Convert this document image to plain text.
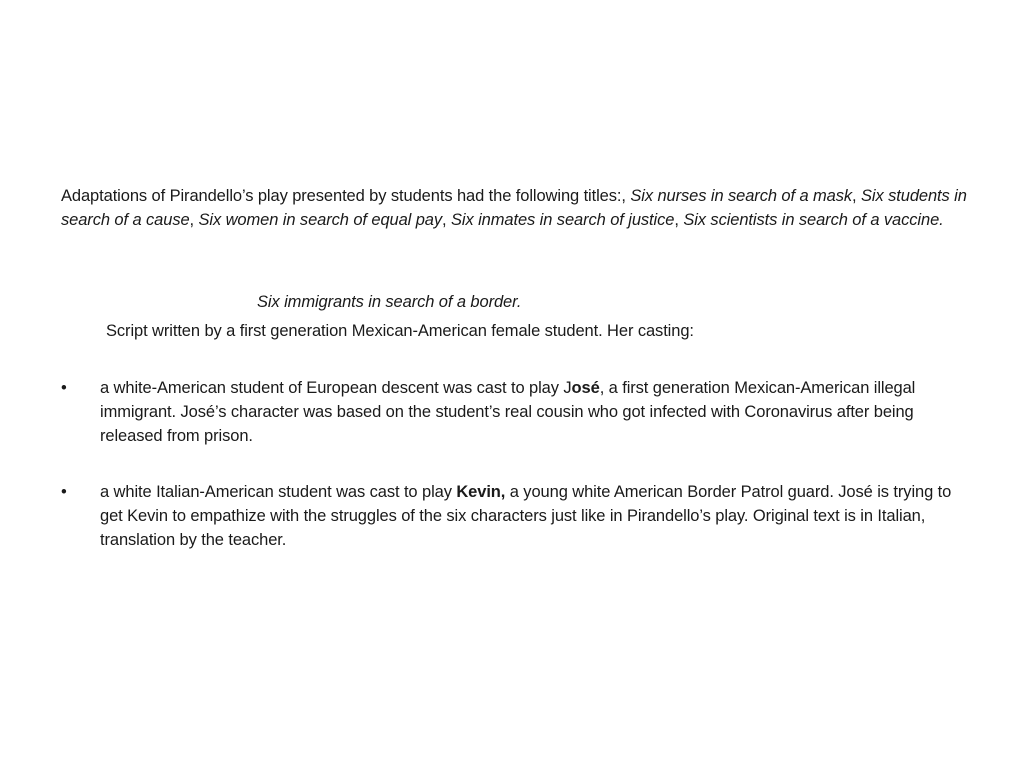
Adaptations of Pirandello’s play presented by students had the following titles:, Six nurses in search of a mask, Six students in search of a cause, Six women in search of equal pay, Six inmates in search of justice, Six scientists in search of a vaccine.

Six immigrants in search of a border.
Script written by a first generation Mexican-American female student. Her casting:
•	a white-American student of European descent was cast to play José, a first generation Mexican-American illegal immigrant. José’s character was based on the student’s real cousin who got infected with Coronavirus after being released from prison.
•	a white Italian-American student was cast to play Kevin, a young white American Border Patrol guard. José is trying to get Kevin to empathize with the struggles of the six characters just like in Pirandello’s play. Original text is in Italian, translation by the teacher.
